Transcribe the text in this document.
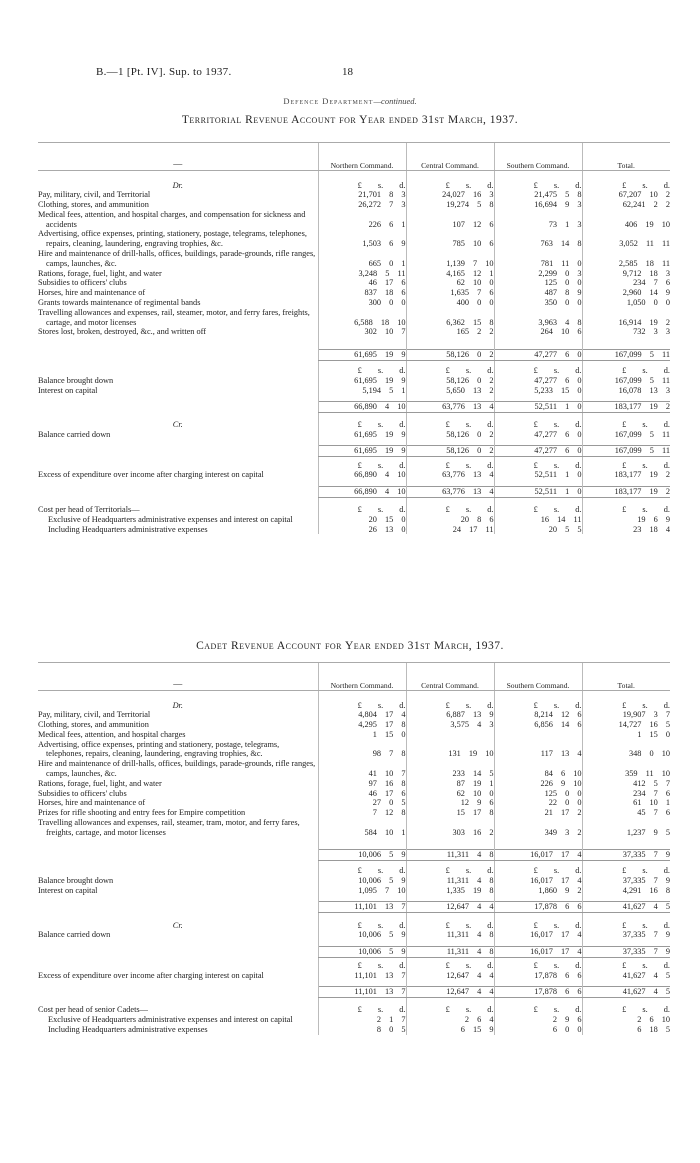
B.—1 [Pt. IV]. Sup. to 1937.	18
Defence Department—continued.
Territorial Revenue Account for Year ended 31st March, 1937.
—	Northern Command.	Central Command.	Southern Command.	Total.

Dr.	£ s. d.	£ s. d.	£ s. d.	£ s. d.

Pay, military, civil, and Territorial	21,701 8 3	24,027 16 3	21,475 5 8	67,207 10 2

Clothing, stores, and ammunition	26,272 7 3	19,274 5 8	16,694 9 3	62,241 2 2

Medical fees, attention, and hospital charges, and compensation for sickness and accidents	226 6 1	107 12 6	73 1 3	406 19 10

Advertising, office expenses, printing, stationery, postage, telegrams, telephones, repairs, cleaning, laundering, engraving trophies, &c.	1,503 6 9	785 10 6	763 14 8	3,052 11 11

Hire and maintenance of drill-halls, offices, buildings, parade-grounds, rifle ranges, camps, launches, &c.	665 0 1	1,139 7 10	781 11 0	2,585 18 11

Rations, forage, fuel, light, and water	3,248 5 11	4,165 12 1	2,299 0 3	9,712 18 3

Subsidies to officers' clubs	46 17 6	62 10 0	125 0 0	234 7 6

Horses, hire and maintenance of	837 18 6	1,635 7 6	487 8 9	2,960 14 9

Grants towards maintenance of regimental bands	300 0 0	400 0 0	350 0 0	1,050 0 0

Travelling allowances and expenses, rail, steamer, motor, and ferry fares, freights, cartage, and motor licenses	6,588 18 10	6,362 15 8	3,963 4 8	16,914 19 2

Stores lost, broken, destroyed, &c., and written off	302 10 7	165 2 2	264 10 6	732 3 3

	61,695 19 9	58,126 0 2	47,277 6 0	167,099 5 11

	£ s. d.	£ s. d.	£ s. d.	£ s. d.

Balance brought down	61,695 19 9	58,126 0 2	47,277 6 0	167,099 5 11

Interest on capital	5,194 5 1	5,650 13 2	5,233 15 0	16,078 13 3

	66,890 4 10	63,776 13 4	52,511 1 0	183,177 19 2

Cr.	£ s. d.	£ s. d.	£ s. d.	£ s. d.

Balance carried down	61,695 19 9	58,126 0 2	47,277 6 0	167,099 5 11

	61,695 19 9	58,126 0 2	47,277 6 0	167,099 5 11

	£ s. d.	£ s. d.	£ s. d.	£ s. d.

Excess of expenditure over income after charging interest on capital	66,890 4 10	63,776 13 4	52,511 1 0	183,177 19 2

	66,890 4 10	63,776 13 4	52,511 1 0	183,177 19 2

Cost per head of Territorials—	£ s. d.	£ s. d.	£ s. d.	£ s. d.

Exclusive of Headquarters administrative expenses and interest on capital	20 15 0	20 8 6	16 14 11	19 6 9

Including Headquarters administrative expenses	26 13 0	24 17 11	20 5 5	23 18 4
Cadet Revenue Account for Year ended 31st March, 1937.
—	Northern Command.	Central Command.	Southern Command.	Total.

Dr.	£ s. d.	£ s. d.	£ s. d.	£ s. d.

Pay, military, civil, and Territorial	4,804 17 4	6,887 13 9	8,214 12 6	19,907 3 7

Clothing, stores, and ammunition	4,295 17 8	3,575 4 3	6,856 14 6	14,727 16 5

Medical fees, attention, and hospital charges	1 15 0			1 15 0

Advertising, office expenses, printing and stationery, postage, telegrams, telephones, repairs, cleaning, laundering, engraving trophies, &c.	98 7 8	131 19 10	117 13 4	348 0 10

Hire and maintenance of drill-halls, offices, buildings, parade-grounds, rifle ranges, camps, launches, &c.	41 10 7	233 14 5	84 6 10	359 11 10

Rations, forage, fuel, light, and water	97 16 8	87 19 1	226 9 10	412 5 7

Subsidies to officers' clubs	46 17 6	62 10 0	125 0 0	234 7 6

Horses, hire and maintenance of	27 0 5	12 9 6	22 0 0	61 10 1

Prizes for rifle shooting and entry fees for Empire competition	7 12 8	15 17 8	21 17 2	45 7 6

Travelling allowances and expenses, rail, steamer, tram, motor, and ferry fares, freights, cartage, and motor licenses	584 10 1	303 16 2	349 3 2	1,237 9 5

	10,006 5 9	11,311 4 8	16,017 17 4	37,335 7 9

	£ s. d.	£ s. d.	£ s. d.	£ s. d.

Balance brought down	10,006 5 9	11,311 4 8	16,017 17 4	37,335 7 9

Interest on capital	1,095 7 10	1,335 19 8	1,860 9 2	4,291 16 8

	11,101 13 7	12,647 4 4	17,878 6 6	41,627 4 5

Cr.	£ s. d.	£ s. d.	£ s. d.	£ s. d.

Balance carried down	10,006 5 9	11,311 4 8	16,017 17 4	37,335 7 9

	10,006 5 9	11,311 4 8	16,017 17 4	37,335 7 9

	£ s. d.	£ s. d.	£ s. d.	£ s. d.

Excess of expenditure over income after charging interest on capital	11,101 13 7	12,647 4 4	17,878 6 6	41,627 4 5

	11,101 13 7	12,647 4 4	17,878 6 6	41,627 4 5

Cost per head of senior Cadets—	£ s. d.	£ s. d.	£ s. d.	£ s. d.

Exclusive of Headquarters administrative expenses and interest on capital	2 1 7	2 6 4	2 9 6	2 6 10

Including Headquarters administrative expenses	8 0 5	6 15 9	6 0 0	6 18 5
